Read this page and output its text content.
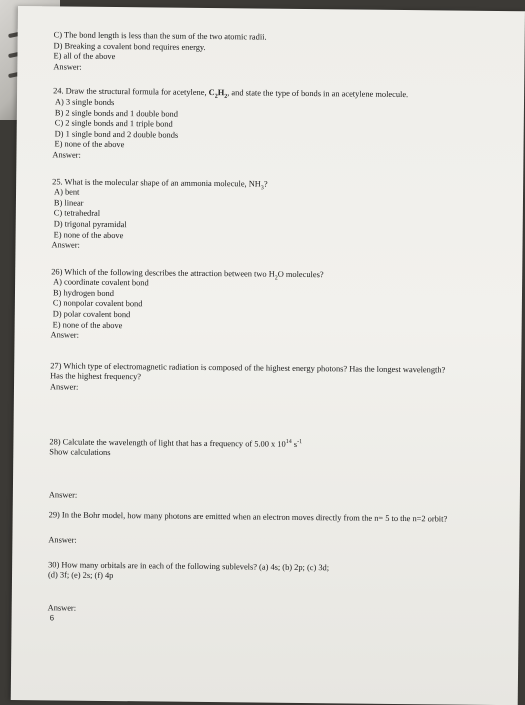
C) The bond length is less than the sum of the two atomic radii.
D) Breaking a covalent bond requires energy.
E) all of the above
Answer:
24. Draw the structural formula for acetylene, $C_2H_2$, and state the type of bonds in an acetylene molecule.
A) 3 single bonds
B) 2 single bonds and 1 double bond
C) 2 single bonds and 1 triple bond
D) 1 single bond and 2 double bonds
E) none of the above
Answer:
25. What is the molecular shape of an ammonia molecule, $NH_3$?
A) bent
B) linear
C) tetrahedral
D) trigonal pyramidal
E) none of the above
Answer:
26) Which of the following describes the attraction between two $H_2O$ molecules?
A) coordinate covalent bond
B) hydrogen bond
C) nonpolar covalent bond
D) polar covalent bond
E) none of the above
Answer:
27) Which type of electromagnetic radiation is composed of the highest energy photons? Has the longest wavelength? Has the highest frequency?
Answer:
28) Calculate the wavelength of light that has a frequency of 5.00 x $10^{14}$ $s^{-1}$
Show calculations
Answer:
29) In the Bohr model, how many photons are emitted when an electron moves directly from the n= 5 to the n=2 orbit?
Answer:
30) How many orbitals are in each of the following sublevels? (a) 4s; (b) 2p; (c) 3d;
(d) 3f; (e) 2s; (f) 4p
Answer:
6
